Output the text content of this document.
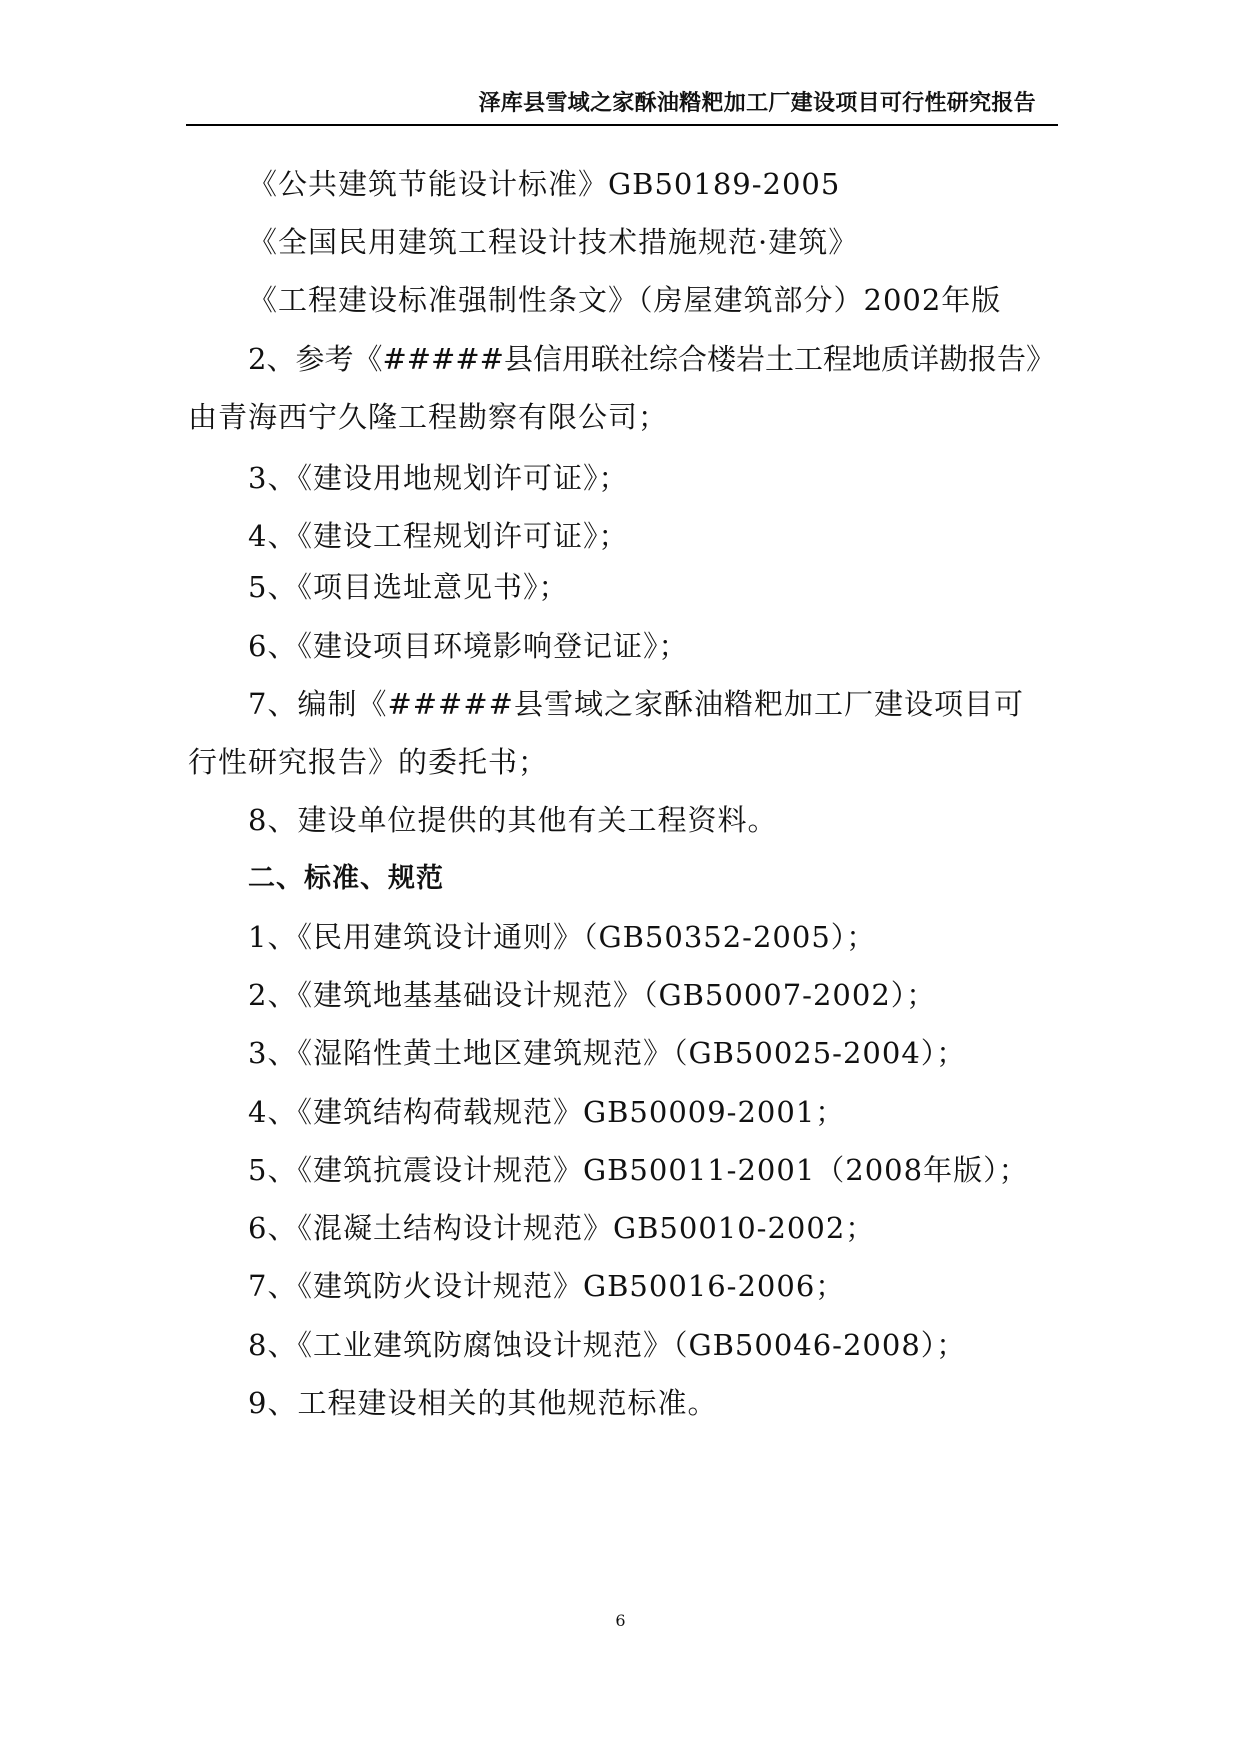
泽库县雪域之家酥油糌粑加工厂建设项目可行性研究报告
《公共建筑节能设计标准》GB50189-2005
《全国民用建筑工程设计技术措施规范·建筑》
《工程建设标准强制性条文》（房屋建筑部分）2002年版
2、参考《#####县信用联社综合楼岩土工程地质详勘报告》
由青海西宁久隆工程勘察有限公司；
3、《建设用地规划许可证》；
4、《建设工程规划许可证》；
5、《项目选址意见书》；
6、《建设项目环境影响登记证》；
7、编制《#####县雪域之家酥油糌粑加工厂建设项目可
行性研究报告》的委托书；
8、建设单位提供的其他有关工程资料。
二、标准、规范
1、《民用建筑设计通则》（GB50352-2005）；
2、《建筑地基基础设计规范》（GB50007-2002）；
3、《湿陷性黄土地区建筑规范》（GB50025-2004）；
4、《建筑结构荷载规范》GB50009-2001；
5、《建筑抗震设计规范》GB50011-2001（2008年版）；
6、《混凝土结构设计规范》GB50010-2002；
7、《建筑防火设计规范》GB50016-2006；
8、《工业建筑防腐蚀设计规范》（GB50046-2008）；
9、工程建设相关的其他规范标准。
6
